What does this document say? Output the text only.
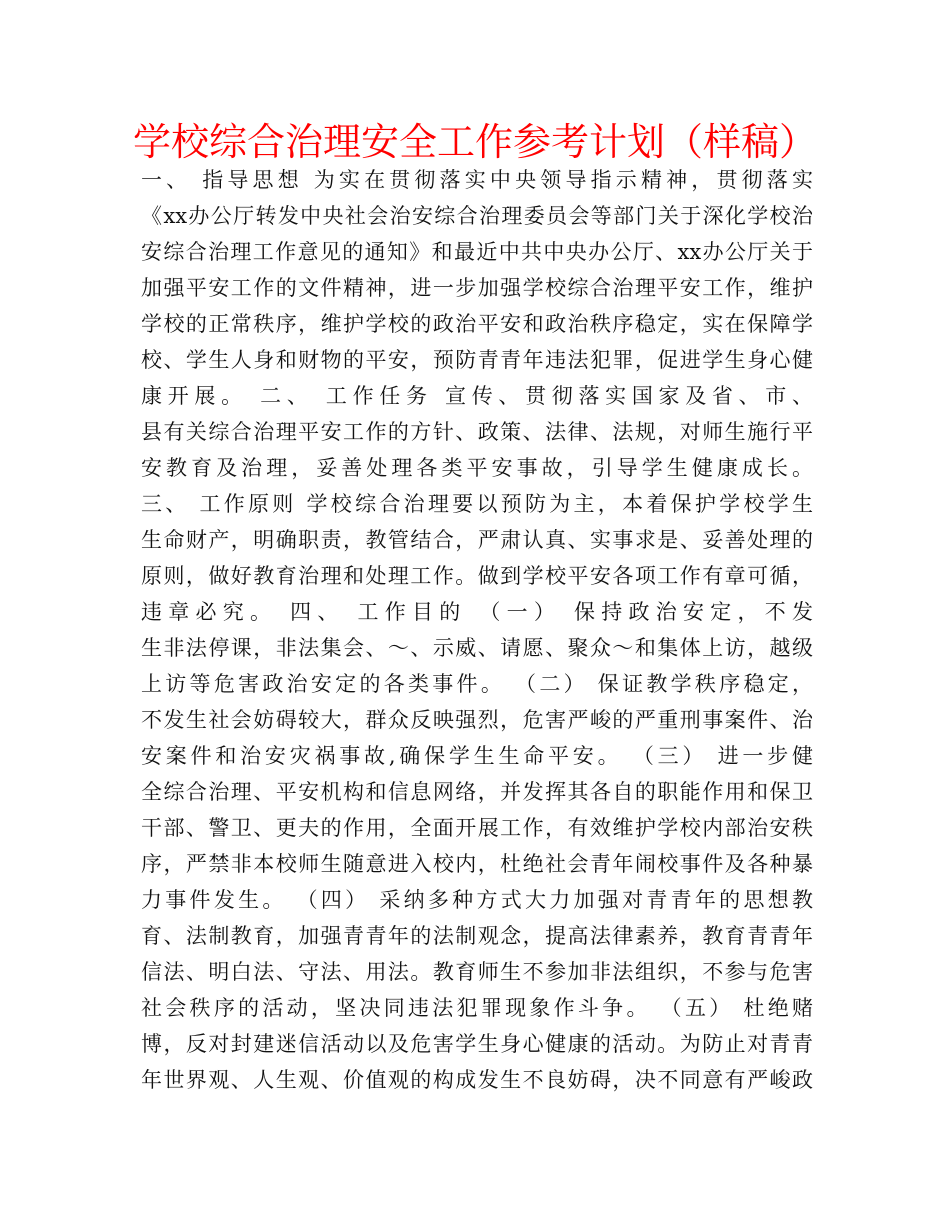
学校综合治理安全工作参考计划（样稿）
一、 指导思想 为实在贯彻落实中央领导指示精神，贯彻落实
《xx办公厅转发中央社会治安综合治理委员会等部门关于深化学校治
安综合治理工作意见的通知》和最近中共中央办公厅、xx办公厅关于
加强平安工作的文件精神，进一步加强学校综合治理平安工作，维护
学校的正常秩序，维护学校的政治平安和政治秩序稳定，实在保障学
校、学生人身和财物的平安，预防青青年违法犯罪，促进学生身心健
康开展。 二、 工作任务 宣传、贯彻落实国家及省、市、
县有关综合治理平安工作的方针、政策、法律、法规，对师生施行平
安教育及治理，妥善处理各类平安事故，引导学生健康成长。
三、 工作原则 学校综合治理要以预防为主，本着保护学校学生
生命财产，明确职责，教管结合，严肃认真、实事求是、妥善处理的
原则，做好教育治理和处理工作。做到学校平安各项工作有章可循，
违章必究。 四、 工作目的 （一） 保持政治安定，不发
生非法停课，非法集会、～、示威、请愿、聚众～和集体上访，越级
上访等危害政治安定的各类事件。 （二） 保证教学秩序稳定，
不发生社会妨碍较大，群众反映强烈，危害严峻的严重刑事案件、治
安案件和治安灾祸事故,确保学生生命平安。 （三） 进一步健
全综合治理、平安机构和信息网络，并发挥其各自的职能作用和保卫
干部、警卫、更夫的作用，全面开展工作，有效维护学校内部治安秩
序，严禁非本校师生随意进入校内，杜绝社会青年闹校事件及各种暴
力事件发生。 （四） 采纳多种方式大力加强对青青年的思想教
育、法制教育，加强青青年的法制观念，提高法律素养，教育青青年
信法、明白法、守法、用法。教育师生不参加非法组织，不参与危害
社会秩序的活动，坚决同违法犯罪现象作斗争。 （五） 杜绝赌
博，反对封建迷信活动以及危害学生身心健康的活动。为防止对青青
年世界观、人生观、价值观的构成发生不良妨碍，决不同意有严峻政
